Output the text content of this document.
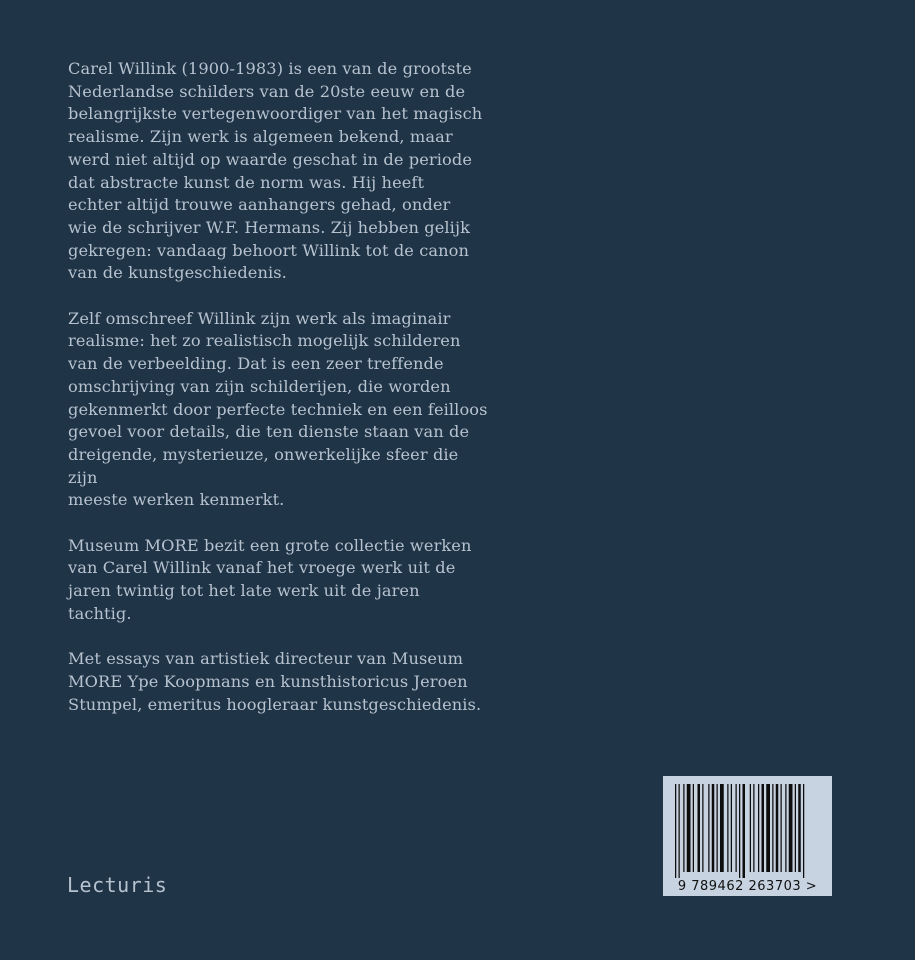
Carel Willink (1900-1983) is een van de grootste
Nederlandse schilders van de 20ste eeuw en de
belangrijkste vertegenwoordiger van het magisch
realisme. Zijn werk is algemeen bekend, maar
werd niet altijd op waarde geschat in de periode
dat abstracte kunst de norm was. Hij heeft
echter altijd trouwe aanhangers gehad, onder
wie de schrijver W.F. Hermans. Zij hebben gelijk
gekregen: vandaag behoort Willink tot de canon
van de kunstgeschiedenis.

Zelf omschreef Willink zijn werk als imaginair
realisme: het zo realistisch mogelijk schilderen
van de verbeelding. Dat is een zeer treffende
omschrijving van zijn schilderijen, die worden
gekenmerkt door perfecte techniek en een feilloos
gevoel voor details, die ten dienste staan van de
dreigende, mysterieuze, onwerkelijke sfeer die zijn
meeste werken kenmerkt.

Museum MORE bezit een grote collectie werken
van Carel Willink vanaf het vroege werk uit de
jaren twintig tot het late werk uit de jaren tachtig.

Met essays van artistiek directeur van Museum
MORE Ype Koopmans en kunsthistoricus Jeroen
Stumpel, emeritus hoogleraar kunstgeschiedenis.

Lecturis	9 789462 263703 >
